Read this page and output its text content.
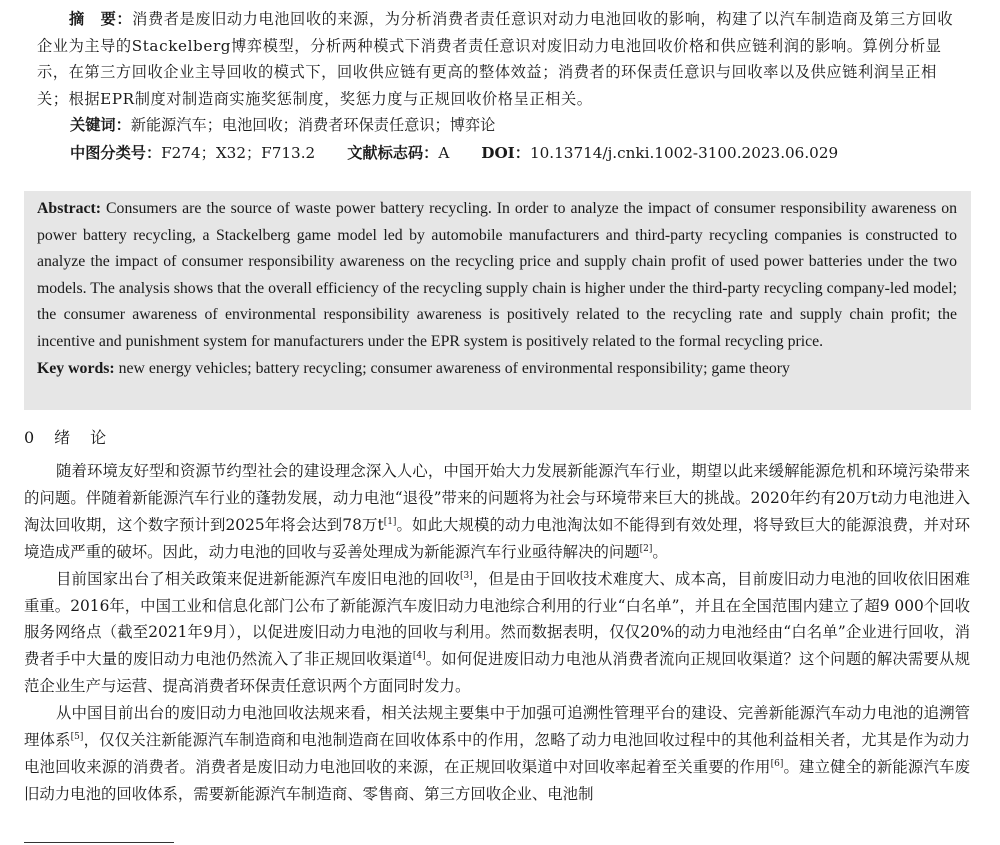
摘　要：消费者是废旧动力电池回收的来源，为分析消费者责任意识对动力电池回收的影响，构建了以汽车制造商及第三方回收企业为主导的Stackelberg博弈模型，分析两种模式下消费者责任意识对废旧动力电池回收价格和供应链利润的影响。算例分析显示，在第三方回收企业主导回收的模式下，回收供应链有更高的整体效益；消费者的环保责任意识与回收率以及供应链利润呈正相关；根据EPR制度对制造商实施奖惩制度，奖惩力度与正规回收价格呈正相关。

关键词：新能源汽车；电池回收；消费者环保责任意识；博弈论
中图分类号：F274；X32；F713.2 文献标志码：A DOI：10.13714/j.cnki.1002-3100.2023.06.029

Abstract: Consumers are the source of waste power battery recycling. In order to analyze the impact of consumer responsibility awareness on power battery recycling, a Stackelberg game model led by automobile manufacturers and third-party recycling companies is constructed to analyze the impact of consumer responsibility awareness on the recycling price and supply chain profit of used power batteries under the two models. The analysis shows that the overall efficiency of the recycling supply chain is higher under the third-party recycling company-led model; the consumer awareness of environmental responsibility awareness is positively related to the recycling rate and supply chain profit; the incentive and punishment system for manufacturers under the EPR system is positively related to the formal recycling price.

Key words: new energy vehicles; battery recycling; consumer awareness of environmental responsibility; game theory

0　绪　论

随着环境友好型和资源节约型社会的建设理念深入人心，中国开始大力发展新能源汽车行业，期望以此来缓解能源危机和环境污染带来的问题。伴随着新能源汽车行业的蓬勃发展，动力电池“退役”带来的问题将为社会与环境带来巨大的挑战。2020年约有20万t动力电池进入淘汰回收期，这个数字预计到2025年将会达到78万t[1]。如此大规模的动力电池淘汰如不能得到有效处理，将导致巨大的能源浪费，并对环境造成严重的破坏。因此，动力电池的回收与妥善处理成为新能源汽车行业亟待解决的问题[2]。

目前国家出台了相关政策来促进新能源汽车废旧电池的回收[3]，但是由于回收技术难度大、成本高，目前废旧动力电池的回收依旧困难重重。2016年，中国工业和信息化部门公布了新能源汽车废旧动力电池综合利用的行业“白名单”，并且在全国范围内建立了超9 000个回收服务网络点（截至2021年9月），以促进废旧动力电池的回收与利用。然而数据表明，仅仅20%的动力电池经由“白名单”企业进行回收，消费者手中大量的废旧动力电池仍然流入了非正规回收渠道[4]。如何促进废旧动力电池从消费者流向正规回收渠道？这个问题的解决需要从规范企业生产与运营、提高消费者环保责任意识两个方面同时发力。

从中国目前出台的废旧动力电池回收法规来看，相关法规主要集中于加强可追溯性管理平台的建设、完善新能源汽车动力电池的追溯管理体系[5]，仅仅关注新能源汽车制造商和电池制造商在回收体系中的作用，忽略了动力电池回收过程中的其他利益相关者，尤其是作为动力电池回收来源的消费者。消费者是废旧动力电池回收的来源，在正规回收渠道中对回收率起着至关重要的作用[6]。建立健全的新能源汽车废旧动力电池的回收体系，需要新能源汽车制造商、零售商、第三方回收企业、电池制
